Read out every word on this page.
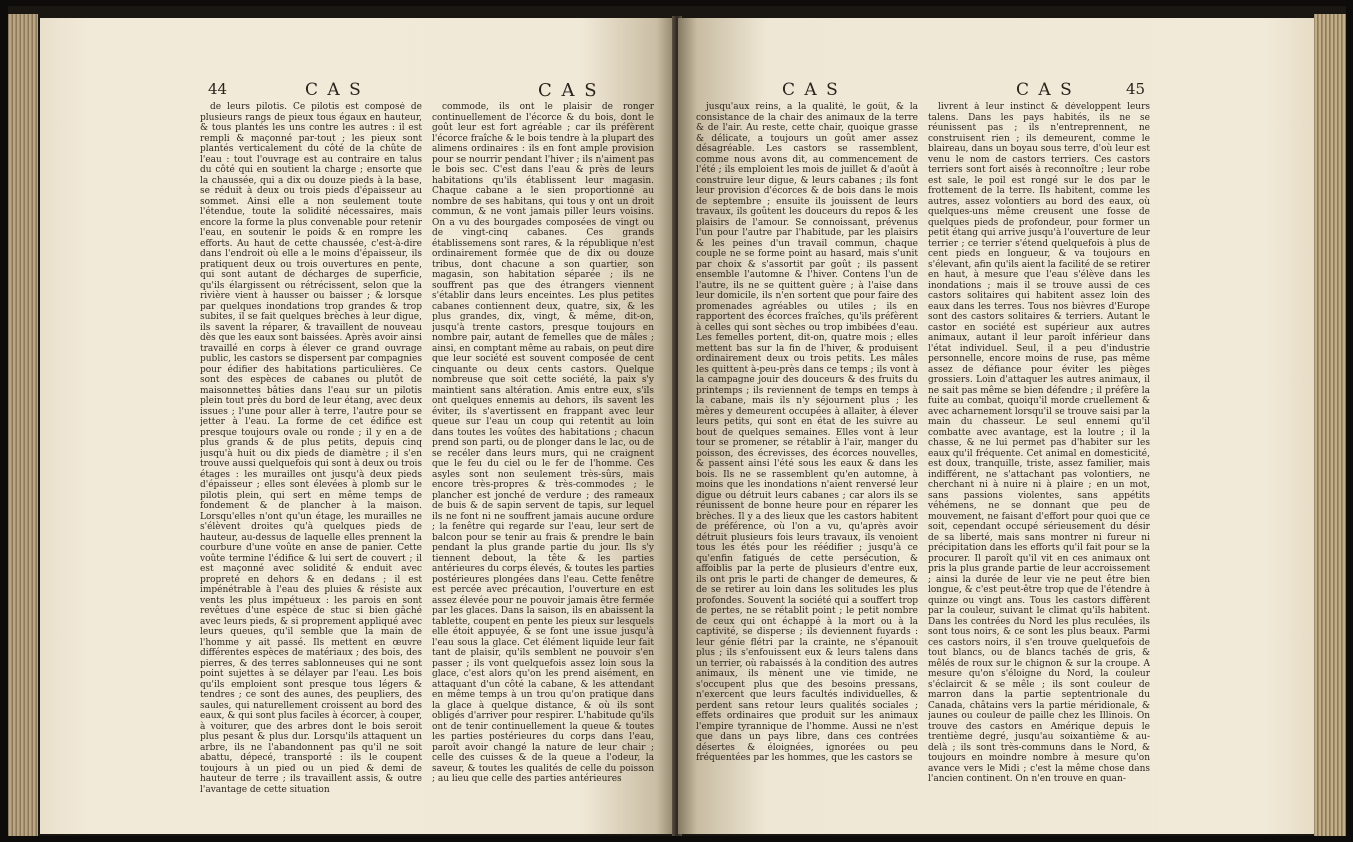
44	C A S	C A S

de leurs pilotis. Ce pilotis est composé de plusieurs rangs de pieux tous égaux en hauteur, & tous plantés les uns contre les autres : il est rempli & maçonné par-tout ; les pieux sont plantés verticalement du côté de la chûte de l'eau : tout l'ouvrage est au contraire en talus du côté qui en soutient la charge ; ensorte que la chaussée, qui a dix ou douze pieds à la base, se réduit à deux ou trois pieds d'épaisseur au sommet. Ainsi elle a non seulement toute l'étendue, toute la solidité nécessaires, mais encore la forme la plus convenable pour retenir l'eau, en soutenir le poids & en rompre les efforts. Au haut de cette chaussée, c'est-à-dire dans l'endroit où elle a le moins d'épaisseur, ils pratiquent deux ou trois ouvertures en pente, qui sont autant de décharges de superficie, qu'ils élargissent ou rétrécissent, selon que la rivière vient à hausser ou baisser ; & lorsque par quelques inondations trop grandes & trop subites, il se fait quelques brèches à leur digue, ils savent la réparer, & travaillent de nouveau dès que les eaux sont baissées. Après avoir ainsi travaillé en corps à élever ce grand ouvrage public, les castors se dispersent par compagnies pour édifier des habitations particulières. Ce sont des espèces de cabanes ou plutôt de maisonnettes bâties dans l'eau sur un pilotis plein tout près du bord de leur étang, avec deux issues ; l'une pour aller à terre, l'autre pour se jetter à l'eau. La forme de cet édifice est presque toujours ovale ou ronde ; il y en a de plus grands & de plus petits, depuis cinq jusqu'à huit ou dix pieds de diamètre ; il s'en trouve aussi quelquefois qui sont à deux ou trois étages : les murailles ont jusqu'à deux pieds d'épaisseur ; elles sont élevées à plomb sur le pilotis plein, qui sert en même temps de fondement & de plancher à la maison. Lorsqu'elles n'ont qu'un étage, les murailles ne s'élèvent droites qu'à quelques pieds de hauteur, au-dessus de laquelle elles prennent la courbure d'une voûte en anse de panier. Cette voûte termine l'édifice & lui sert de couvert ; il est maçonné avec solidité & enduit avec propreté en dehors & en dedans ; il est impénétrable à l'eau des pluies & résiste aux vents les plus impétueux : les parois en sont revêtues d'une espèce de stuc si bien gâché avec leurs pieds, & si proprement appliqué avec leurs queues, qu'il semble que la main de l'homme y ait passé. Ils mettent en œuvre différentes espèces de matériaux ; des bois, des pierres, & des terres sablonneuses qui ne sont point sujettes à se délayer par l'eau. Les bois qu'ils emploient sont presque tous légers & tendres ; ce sont des aunes, des peupliers, des saules, qui naturellement croissent au bord des eaux, & qui sont plus faciles à écorcer, à couper, à voiturer, que des arbres dont le bois seroit plus pesant & plus dur. Lorsqu'ils attaquent un arbre, ils ne l'abandonnent pas qu'il ne soit abattu, dépecé, transporté : ils le coupent toujours à un pied ou un pied & demi de hauteur de terre ; ils travaillent assis, & outre l'avantage de cette situation

commode, ils ont le plaisir de ronger continuellement de l'écorce & du bois, dont le goût leur est fort agréable ; car ils préfèrent l'écorce fraîche & le bois tendre à la plupart des alimens ordinaires : ils en font ample provision pour se nourrir pendant l'hiver ; ils n'aiment pas le bois sec. C'est dans l'eau & près de leurs habitations qu'ils établissent leur magasin. Chaque cabane a le sien proportionné au nombre de ses habitans, qui tous y ont un droit commun, & ne vont jamais piller leurs voisins. On a vu des bourgades composées de vingt ou de vingt-cinq cabanes. Ces grands établissemens sont rares, & la république n'est ordinairement formée que de dix ou douze tribus, dont chacune a son quartier, son magasin, son habitation séparée ; ils ne souffrent pas que des étrangers viennent s'établir dans leurs enceintes. Les plus petites cabanes contiennent deux, quatre, six, & les plus grandes, dix, vingt, & même, dit-on, jusqu'à trente castors, presque toujours en nombre pair, autant de femelles que de mâles ; ainsi, en comptant même au rabais, on peut dire que leur société est souvent composée de cent cinquante ou deux cents castors. Quelque nombreuse que soit cette société, la paix s'y maintient sans altération. Amis entre eux, s'ils ont quelques ennemis au dehors, ils savent les éviter, ils s'avertissent en frappant avec leur queue sur l'eau un coup qui retentit au loin dans toutes les voûtes des habitations ; chacun prend son parti, ou de plonger dans le lac, ou de se recéler dans leurs murs, qui ne craignent que le feu du ciel ou le fer de l'homme. Ces asyles sont non seulement très-sûrs, mais encore très-propres & très-commodes ; le plancher est jonché de verdure ; des rameaux de buis & de sapin servent de tapis, sur lequel ils ne font ni ne souffrent jamais aucune ordure ; la fenêtre qui regarde sur l'eau, leur sert de balcon pour se tenir au frais & prendre le bain pendant la plus grande partie du jour. Ils s'y tiennent debout, la tête & les parties antérieures du corps élevés, & toutes les parties postérieures plongées dans l'eau. Cette fenêtre est percée avec précaution, l'ouverture en est assez élevée pour ne pouvoir jamais être fermée par les glaces. Dans la saison, ils en abaissent la tablette, coupent en pente les pieux sur lesquels elle étoit appuyée, & se font une issue jusqu'à l'eau sous la glace. Cet élément liquide leur fait tant de plaisir, qu'ils semblent ne pouvoir s'en passer ; ils vont quelquefois assez loin sous la glace, c'est alors qu'on les prend aisément, en attaquant d'un côté la cabane, & les attendant en même temps à un trou qu'on pratique dans la glace à quelque distance, & où ils sont obligés d'arriver pour respirer. L'habitude qu'ils ont de tenir continuellement la queue & toutes les parties postérieures du corps dans l'eau, paroît avoir changé la nature de leur chair ; celle des cuisses & de la queue a l'odeur, la saveur, & toutes les qualités de celle du poisson ; au lieu que celle des parties antérieures

C A S	C A S	45

jusqu'aux reins, a la qualité, le goût, & la consistance de la chair des animaux de la terre & de l'air. Au reste, cette chair, quoique grasse & délicate, a toujours un goût amer assez désagréable. Les castors se rassemblent, comme nous avons dit, au commencement de l'été ; ils emploient les mois de juillet & d'août à construire leur digue, & leurs cabanes ; ils font leur provision d'écorces & de bois dans le mois de septembre ; ensuite ils jouissent de leurs travaux, ils goûtent les douceurs du repos & les plaisirs de l'amour. Se connoissant, prévenus l'un pour l'autre par l'habitude, par les plaisirs & les peines d'un travail commun, chaque couple ne se forme point au hasard, mais s'unit par choix & s'assortit par goût ; ils passent ensemble l'automne & l'hiver. Contens l'un de l'autre, ils ne se quittent guère ; à l'aise dans leur domicile, ils n'en sortent que pour faire des promenades agréables ou utiles ; ils en rapportent des écorces fraîches, qu'ils préfèrent à celles qui sont sèches ou trop imbibées d'eau. Les femelles portent, dit-on, quatre mois ; elles mettent bas sur la fin de l'hiver, & produisent ordinairement deux ou trois petits. Les mâles les quittent à-peu-près dans ce temps ; ils vont à la campagne jouir des douceurs & des fruits du printemps ; ils reviennent de temps en temps à la cabane, mais ils n'y séjournent plus ; les mères y demeurent occupées à allaiter, à élever leurs petits, qui sont en état de les suivre au bout de quelques semaines. Elles vont à leur tour se promener, se rétablir à l'air, manger du poisson, des écrevisses, des écorces nouvelles, & passent ainsi l'été sous les eaux & dans les bois. Ils ne se rassemblent qu'en automne, à moins que les inondations n'aient renversé leur digue ou détruit leurs cabanes ; car alors ils se réunissent de bonne heure pour en réparer les brèches. Il y a des lieux que les castors habitent de préférence, où l'on a vu, qu'après avoir détruit plusieurs fois leurs travaux, ils venoient tous les étés pour les réédifier ; jusqu'à ce qu'enfin fatigués de cette persécution, & affoiblis par la perte de plusieurs d'entre eux, ils ont pris le parti de changer de demeures, & de se retirer au loin dans les solitudes les plus profondes. Souvent la société qui a souffert trop de pertes, ne se rétablit point ; le petit nombre de ceux qui ont échappé à la mort ou à la captivité, se disperse ; ils deviennent fuyards : leur génie flétri par la crainte, ne s'épanouit plus ; ils s'enfouissent eux & leurs talens dans un terrier, où rabaissés à la condition des autres animaux, ils mènent une vie timide, ne s'occupent plus que des besoins pressans, n'exercent que leurs facultés individuelles, & perdent sans retour leurs qualités sociales ; effets ordinaires que produit sur les animaux l'empire tyrannique de l'homme. Aussi ne n'est que dans un pays libre, dans ces contrées désertes & éloignées, ignorées ou peu fréquentées par les hommes, que les castors se

livrent à leur instinct & développent leurs talens. Dans les pays habités, ils ne se réunissent pas ; ils n'entreprennent, ne construisent rien ; ils demeurent, comme le blaireau, dans un boyau sous terre, d'où leur est venu le nom de castors terriers. Ces castors terriers sont fort aisés à reconnoître ; leur robe est sale, le poil est rongé sur le dos par le frottement de la terre. Ils habitent, comme les autres, assez volontiers au bord des eaux, où quelques-uns même creusent une fosse de quelques pieds de profondeur, pour former un petit étang qui arrive jusqu'à l'ouverture de leur terrier ; ce terrier s'étend quelquefois à plus de cent pieds en longueur, & va toujours en s'élevant, afin qu'ils aient la facilité de se retirer en haut, à mesure que l'eau s'élève dans les inondations ; mais il se trouve aussi de ces castors solitaires qui habitent assez loin des eaux dans les terres. Tous nos bièvres d'Europe sont des castors solitaires & terriers. Autant le castor en société est supérieur aux autres animaux, autant il leur paroît inférieur dans l'état individuel. Seul, il a peu d'industrie personnelle, encore moins de ruse, pas même assez de défiance pour éviter les pièges grossiers. Loin d'attaquer les autres animaux, il ne sait pas même se bien défendre ; il préfère la fuite au combat, quoiqu'il morde cruellement & avec acharnement lorsqu'il se trouve saisi par la main du chasseur. Le seul ennemi qu'il combatte avec avantage, est la loutre ; il la chasse, & ne lui permet pas d'habiter sur les eaux qu'il fréquente. Cet animal en domesticité, est doux, tranquille, triste, assez familier, mais indifférent, ne s'attachant pas volontiers, ne cherchant ni à nuire ni à plaire ; en un mot, sans passions violentes, sans appétits véhémens, ne se donnant que peu de mouvement, ne faisant d'effort pour quoi que ce soit, cependant occupé sérieusement du désir de sa liberté, mais sans montrer ni fureur ni précipitation dans les efforts qu'il fait pour se la procurer. Il paroît qu'il vit en ces animaux ont pris la plus grande partie de leur accroissement ; ainsi la durée de leur vie ne peut être bien longue, & c'est peut-être trop que de l'étendre à quinze ou vingt ans. Tous les castors diffèrent par la couleur, suivant le climat qu'ils habitent. Dans les contrées du Nord les plus reculées, ils sont tous noirs, & ce sont les plus beaux. Parmi ces castors noirs, il s'en trouve quelquefois de tout blancs, ou de blancs tachés de gris, & mêlés de roux sur le chignon & sur la croupe. A mesure qu'on s'éloigne du Nord, la couleur s'éclaircit & se mêle ; ils sont couleur de marron dans la partie septentrionale du Canada, châtains vers la partie méridionale, & jaunes ou couleur de paille chez les Illinois. On trouve des castors en Amérique depuis le trentième degré, jusqu'au soixantième & au-delà ; ils sont très-communs dans le Nord, & toujours en moindre nombre à mesure qu'on avance vers le Midi ; c'est la même chose dans l'ancien continent. On n'en trouve en quan-
